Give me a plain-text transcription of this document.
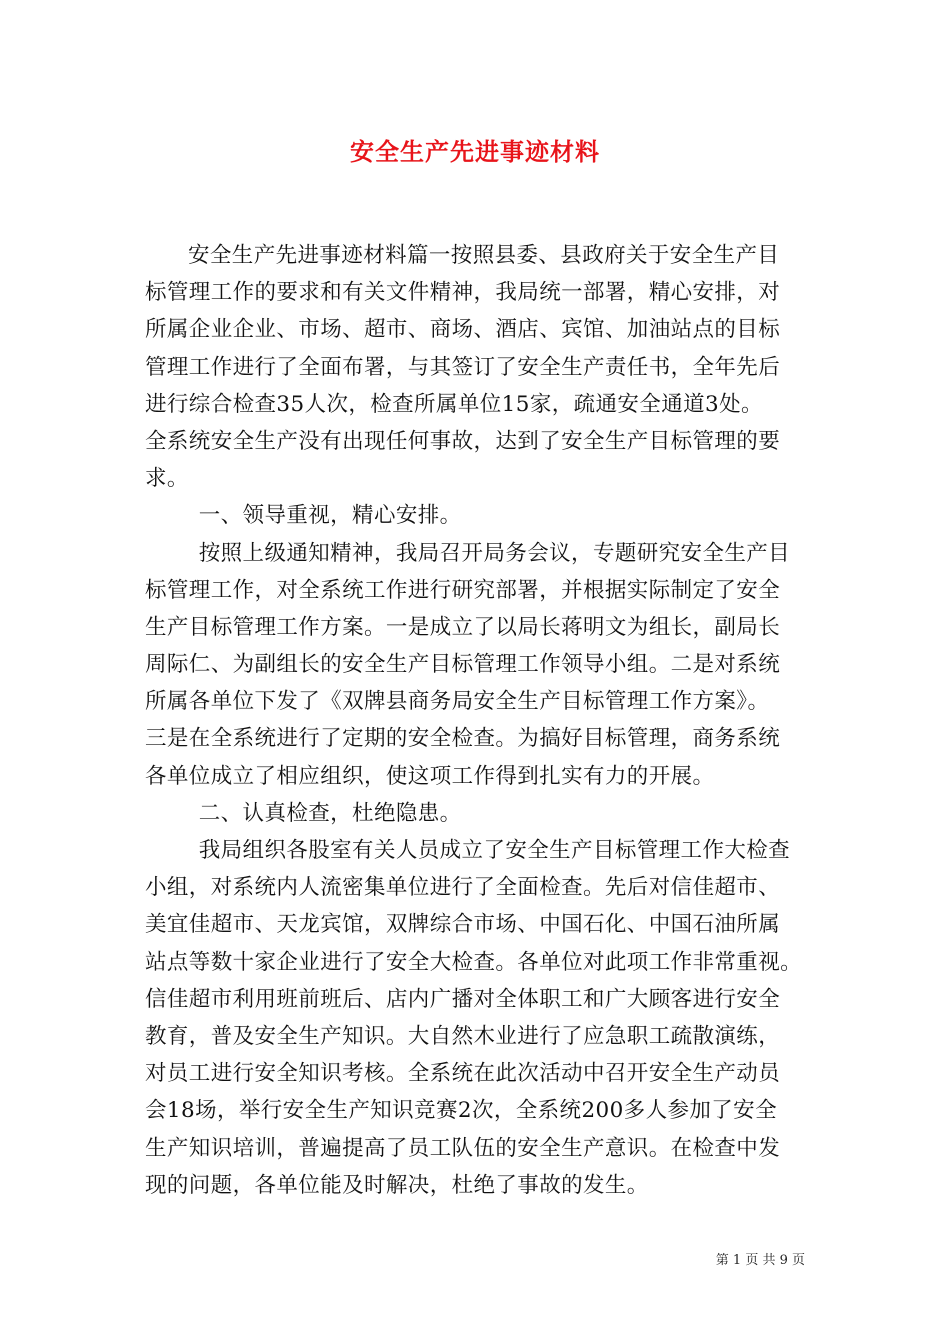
安全生产先进事迹材料
安全生产先进事迹材料篇一按照县委、县政府关于安全生产目
标管理工作的要求和有关文件精神，我局统一部署，精心安排，对
所属企业企业、市场、超市、商场、酒店、宾馆、加油站点的目标
管理工作进行了全面布署，与其签订了安全生产责任书，全年先后
进行综合检查35人次，检查所属单位15家，疏通安全通道3处。
全系统安全生产没有出现任何事故，达到了安全生产目标管理的要
求。
一、领导重视，精心安排。
按照上级通知精神，我局召开局务会议，专题研究安全生产目
标管理工作，对全系统工作进行研究部署，并根据实际制定了安全
生产目标管理工作方案。一是成立了以局长蒋明文为组长，副局长
周际仁、为副组长的安全生产目标管理工作领导小组。二是对系统
所属各单位下发了《双牌县商务局安全生产目标管理工作方案》。
三是在全系统进行了定期的安全检查。为搞好目标管理，商务系统
各单位成立了相应组织，使这项工作得到扎实有力的开展。
二、认真检查，杜绝隐患。
我局组织各股室有关人员成立了安全生产目标管理工作大检查
小组，对系统内人流密集单位进行了全面检查。先后对信佳超市、
美宜佳超市、天龙宾馆，双牌综合市场、中国石化、中国石油所属
站点等数十家企业进行了安全大检查。各单位对此项工作非常重视。
信佳超市利用班前班后、店内广播对全体职工和广大顾客进行安全
教育，普及安全生产知识。大自然木业进行了应急职工疏散演练，
对员工进行安全知识考核。全系统在此次活动中召开安全生产动员
会18场，举行安全生产知识竞赛2次，全系统200多人参加了安全
生产知识培训，普遍提高了员工队伍的安全生产意识。在检查中发
现的问题，各单位能及时解决，杜绝了事故的发生。
第 1 页 共 9 页
